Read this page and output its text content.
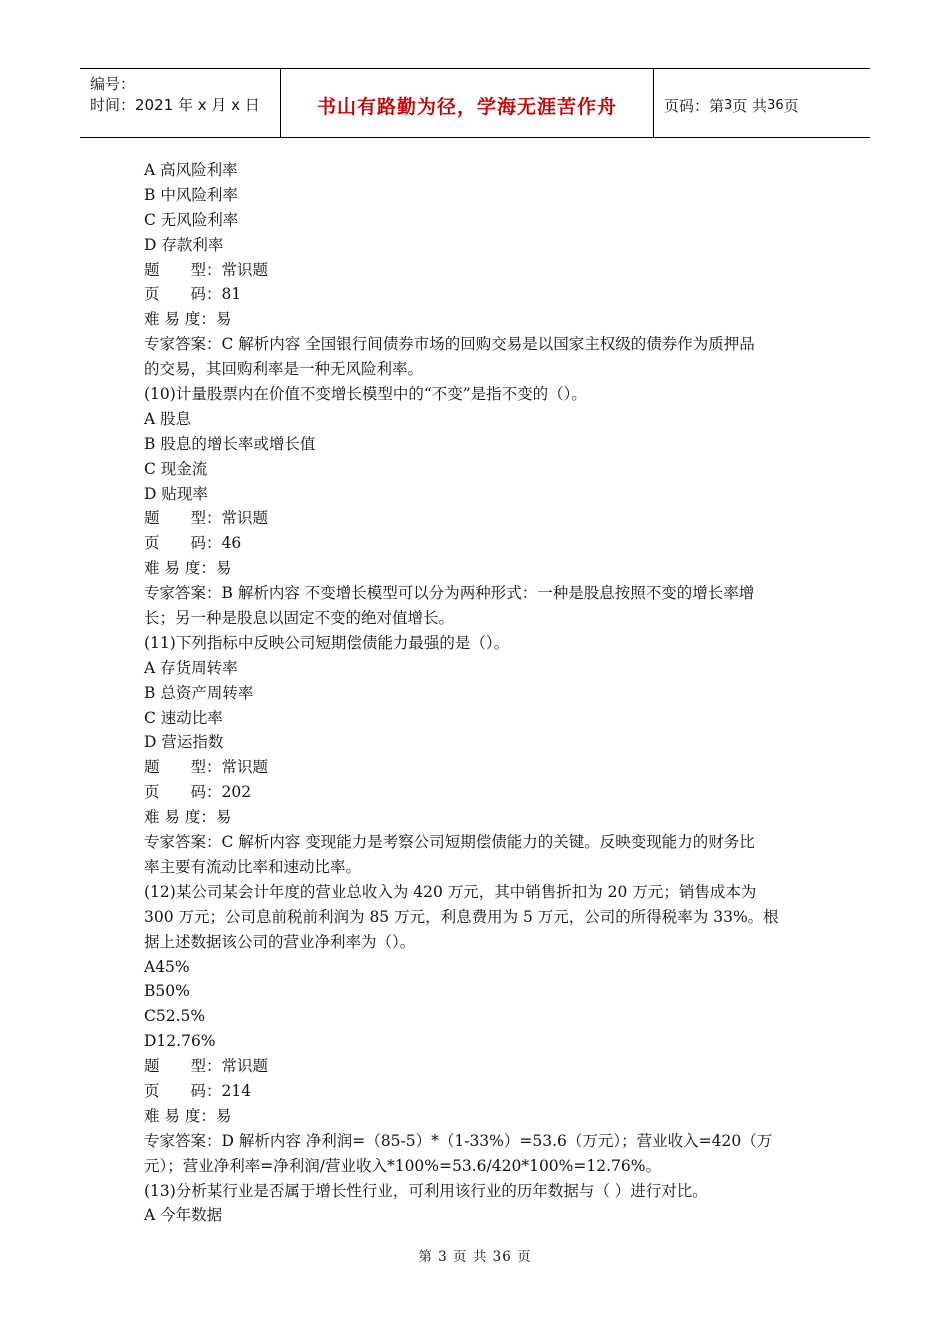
编号：
时间：2021 年 x 月 x 日	书山有路勤为径，学海无涯苦作舟	页码：第 3 页 共 36 页
A 高风险利率
B 中风险利率
C 无风险利率
D 存款利率
题　　型：常识题
页　　码：81
难 易 度：易
专家答案：C 解析内容 全国银行间债券市场的回购交易是以国家主权级的债券作为质押品
的交易，其回购利率是一种无风险利率。
(10)计量股票内在价值不变增长模型中的“不变”是指不变的（）。
A 股息
B 股息的增长率或增长值
C 现金流
D 贴现率
题　　型：常识题
页　　码：46
难 易 度：易
专家答案：B 解析内容 不变增长模型可以分为两种形式：一种是股息按照不变的增长率增
长；另一种是股息以固定不变的绝对值增长。
(11)下列指标中反映公司短期偿债能力最强的是（）。
A 存货周转率
B 总资产周转率
C 速动比率
D 营运指数
题　　型：常识题
页　　码：202
难 易 度：易
专家答案：C 解析内容 变现能力是考察公司短期偿债能力的关键。反映变现能力的财务比
率主要有流动比率和速动比率。
(12)某公司某会计年度的营业总收入为 420 万元，其中销售折扣为 20 万元；销售成本为
300 万元；公司息前税前利润为 85 万元，利息费用为 5 万元，公司的所得税率为 33%。根
据上述数据该公司的营业净利率为（）。
A45%
B50%
C52.5%
D12.76%
题　　型：常识题
页　　码：214
难 易 度：易
专家答案：D 解析内容 净利润=（85-5）*（1-33%）=53.6（万元）；营业收入=420（万
元）；营业净利率=净利润/营业收入*100%=53.6/420*100%=12.76%。
(13)分析某行业是否属于增长性行业，可利用该行业的历年数据与（ ）进行对比。
A 今年数据
第 3 页 共 36 页
